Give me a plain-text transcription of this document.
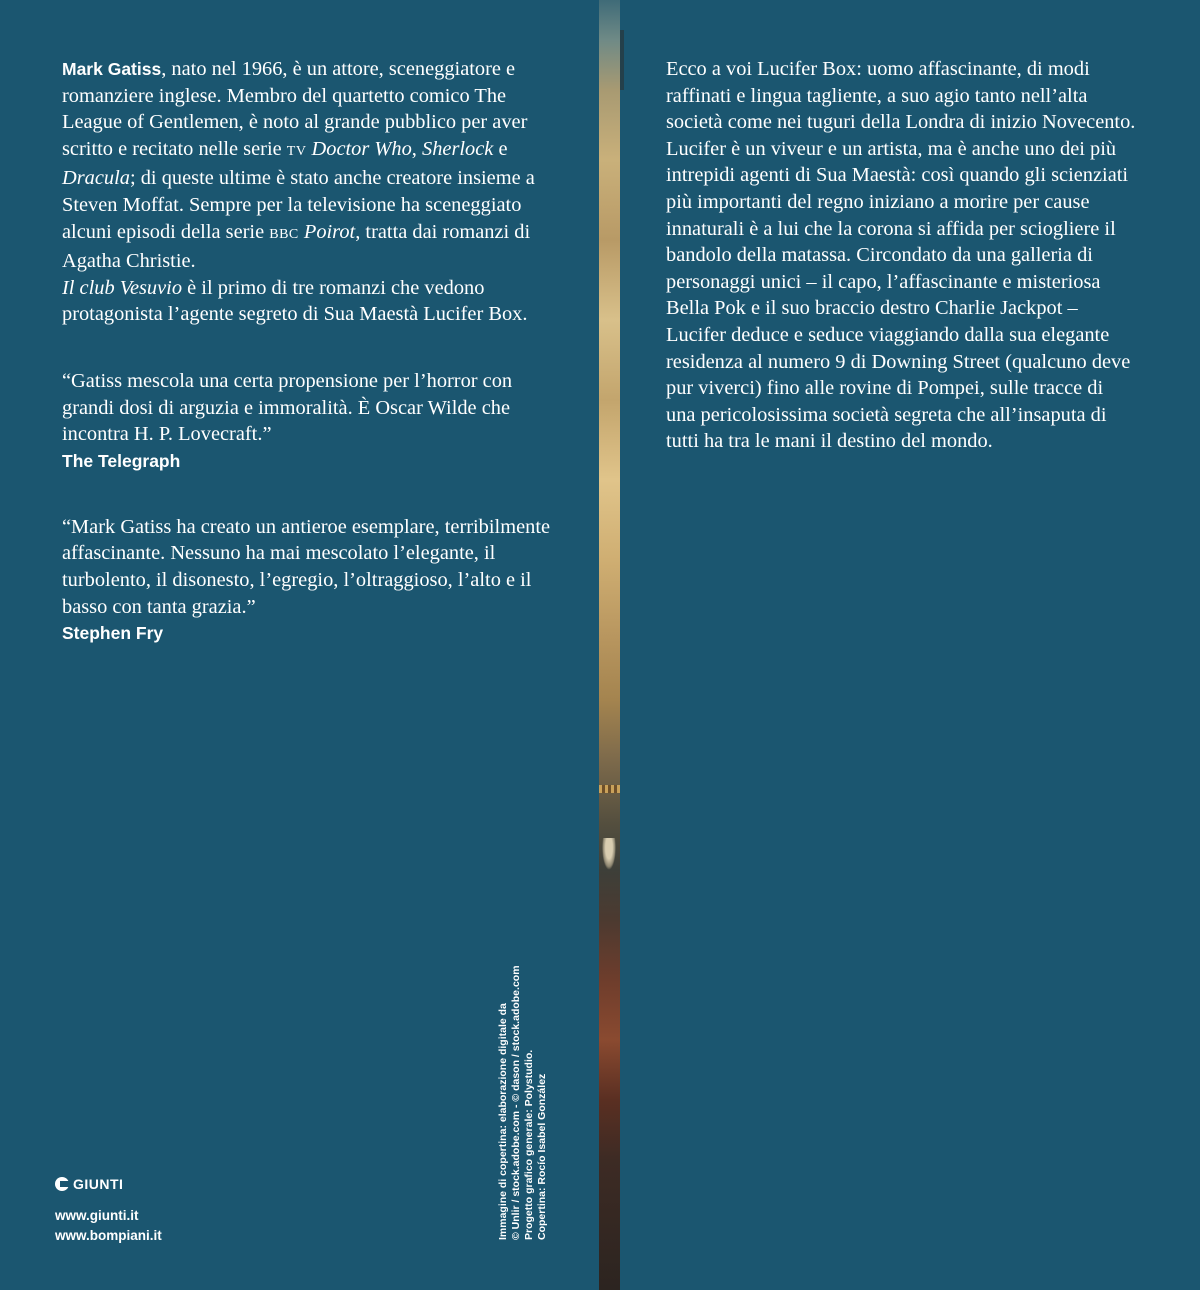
Mark Gatiss, nato nel 1966, è un attore, sceneggiatore e romanziere inglese. Membro del quartetto comico The League of Gentlemen, è noto al grande pubblico per aver scritto e recitato nelle serie TV Doctor Who, Sherlock e Dracula; di queste ultime è stato anche creatore insieme a Steven Moffat. Sempre per la televisione ha sceneggiato alcuni episodi della serie BBC Poirot, tratta dai romanzi di Agatha Christie.
Il club Vesuvio è il primo di tre romanzi che vedono protagonista l’agente segreto di Sua Maestà Lucifer Box.

“Gatiss mescola una certa propensione per l’horror con grandi dosi di arguzia e immoralità. È Oscar Wilde che incontra H. P. Lovecraft.”

The Telegraph

“Mark Gatiss ha creato un antieroe esemplare, terribilmente affascinante. Nessuno ha mai mescolato l’elegante, il turbolento, il disonesto, l’egregio, l’oltraggioso, l’alto e il basso con tanta grazia.”

Stephen Fry

Ecco a voi Lucifer Box: uomo affascinante, di modi raffinati e lingua tagliente, a suo agio tanto nell’alta società come nei tuguri della Londra di inizio Novecento. Lucifer è un viveur e un artista, ma è anche uno dei più intrepidi agenti di Sua Maestà: così quando gli scienziati più importanti del regno iniziano a morire per cause innaturali è a lui che la corona si affida per sciogliere il bandolo della matassa. Circondato da una galleria di personaggi unici – il capo, l’affascinante e misteriosa Bella Pok e il suo braccio destro Charlie Jackpot – Lucifer deduce e seduce viaggiando dalla sua elegante residenza al numero 9 di Downing Street (qualcuno deve pur viverci) fino alle rovine di Pompei, sulle tracce di una pericolosissima società segreta che all’insaputa di tutti ha tra le mani il destino del mondo.

Immagine di copertina: elaborazione digitale da © Unlir / stock.adobe.com - © dason / stock.adobe.com Progetto grafico generale: Polystudio. Copertina: Rocío Isabel González
GIUNTI
www.giunti.it
www.bompiani.it
